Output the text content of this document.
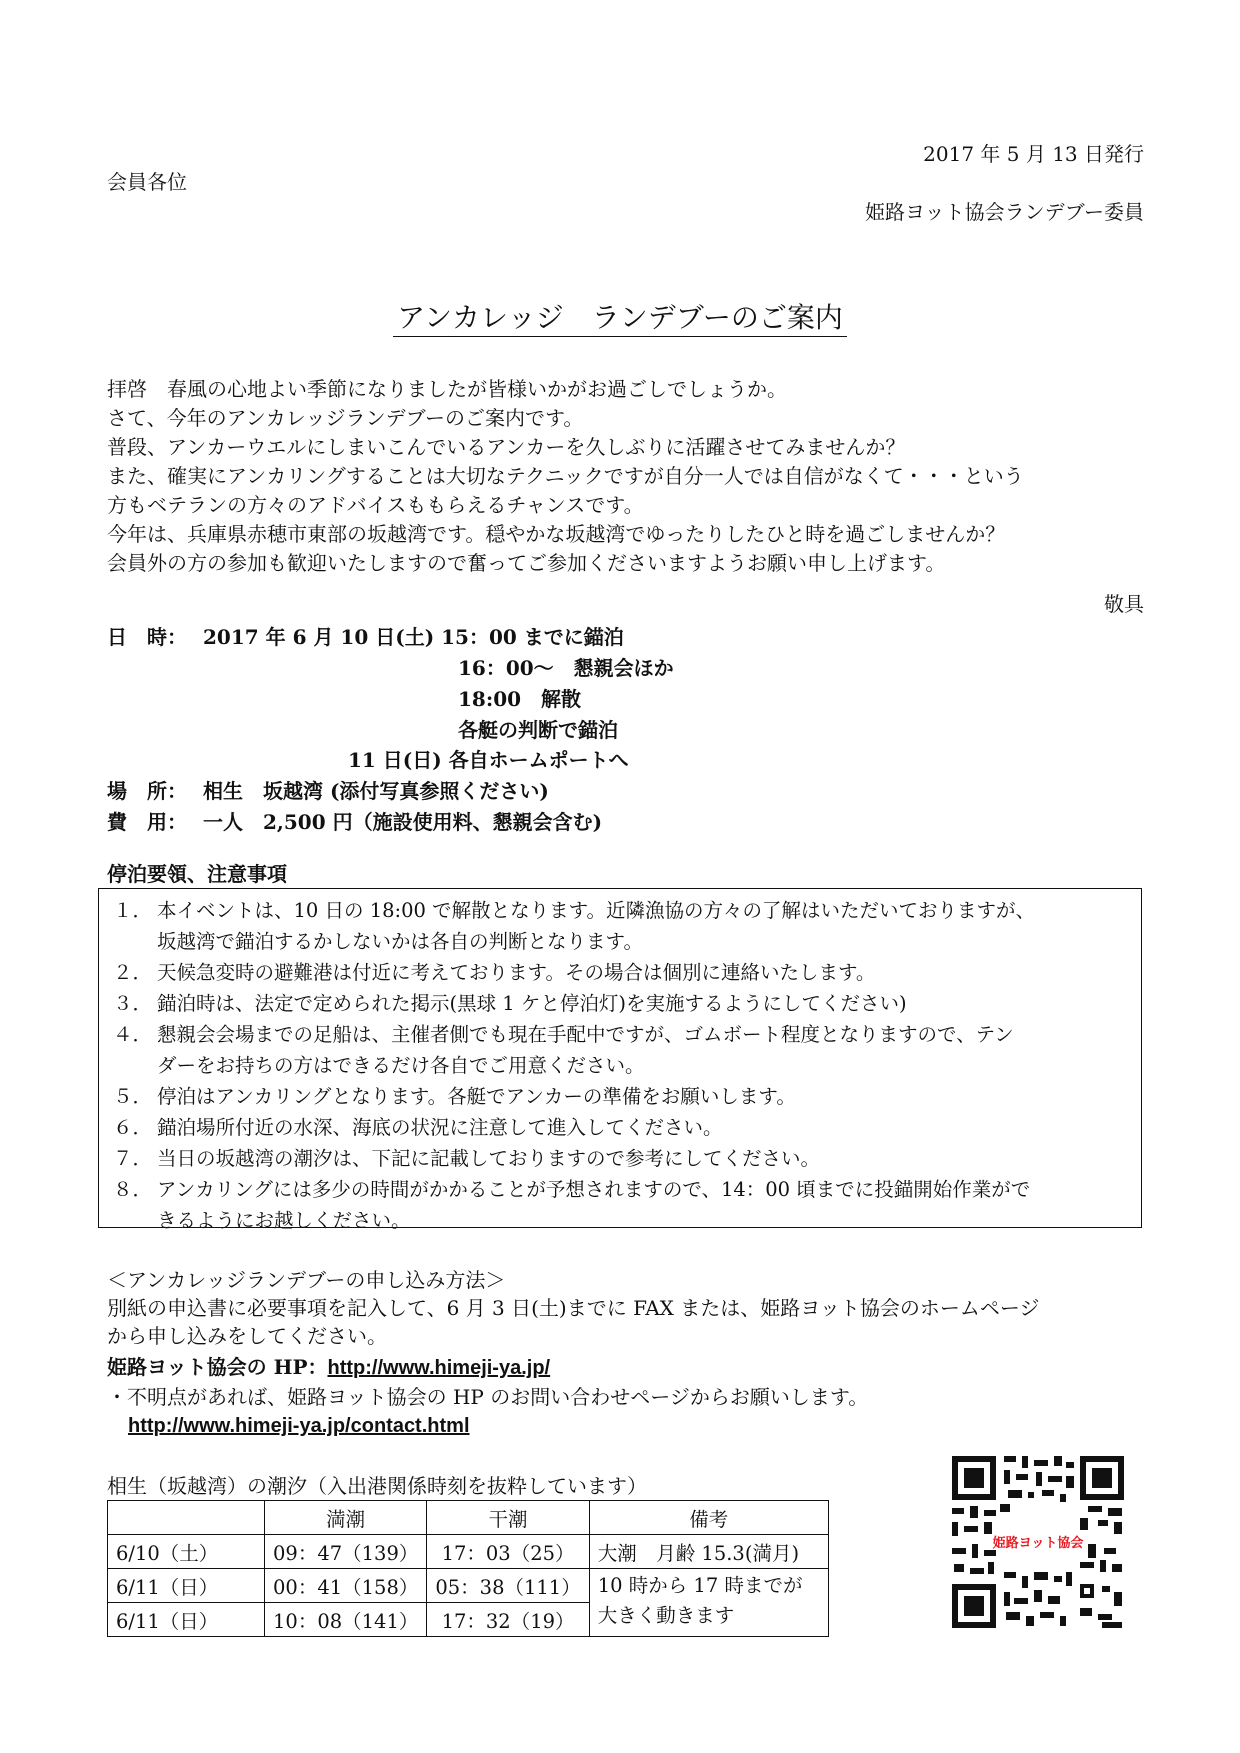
2017 年 5 月 13 日発行
会員各位
姫路ヨット協会ランデブー委員
アンカレッジ　ランデブーのご案内
拝啓　春風の心地よい季節になりましたが皆様いかがお過ごしでしょうか。
さて、今年のアンカレッジランデブーのご案内です。
普段、アンカーウエルにしまいこんでいるアンカーを久しぶりに活躍させてみませんか？
また、確実にアンカリングすることは大切なテクニックですが自分一人では自信がなくて・・・という
方もベテランの方々のアドバイスももらえるチャンスです。
今年は、兵庫県赤穂市東部の坂越湾です。穏やかな坂越湾でゆったりしたひと時を過ごしませんか？
会員外の方の参加も歓迎いたしますので奮ってご参加くださいますようお願い申し上げます。
敬具
日　時： 2017 年 6 月 10 日(土) 15：00 までに錨泊
16：00～　懇親会ほか
18:00　解散
各艇の判断で錨泊
11 日(日) 各自ホームポートへ
場　所： 相生　坂越湾 (添付写真参照ください)
費　用： 一人　2,500 円（施設使用料、懇親会含む)
停泊要領、注意事項
１． 本イベントは、10 日の 18:00 で解散となります。近隣漁協の方々の了解はいただいておりますが、
坂越湾で錨泊するかしないかは各自の判断となります。
２． 天候急変時の避難港は付近に考えております。その場合は個別に連絡いたします。
３． 錨泊時は、法定で定められた掲示(黒球 1 ケと停泊灯)を実施するようにしてください)
４． 懇親会会場までの足船は、主催者側でも現在手配中ですが、ゴムボート程度となりますので、テン
ダーをお持ちの方はできるだけ各自でご用意ください。
５． 停泊はアンカリングとなります。各艇でアンカーの準備をお願いします。
６． 錨泊場所付近の水深、海底の状況に注意して進入してください。
７． 当日の坂越湾の潮汐は、下記に記載しておりますので参考にしてください。
８． アンカリングには多少の時間がかかることが予想されますので、14：00 頃までに投錨開始作業がで
きるようにお越しください。
＜アンカレッジランデブーの申し込み方法＞
別紙の申込書に必要事項を記入して、6 月 3 日(土)までに FAX または、姫路ヨット協会のホームページ
から申し込みをしてください。
姫路ヨット協会の HP：http://www.himeji-ya.jp/
・不明点があれば、姫路ヨット協会の HP のお問い合わせページからお願いします。
http://www.himeji-ya.jp/contact.html
相生（坂越湾）の潮汐（入出港関係時刻を抜粋しています）
	満潮	干潮	備考
6/10（土）	09：47（139）	17：03（25）	大潮　月齢 15.3(満月)
6/11（日）	00：41（158）	05：38（111）	10 時から 17 時までが
大きく動きます

6/11（日）	10：08（141）	17：32（19）	
姫路ヨット協会
